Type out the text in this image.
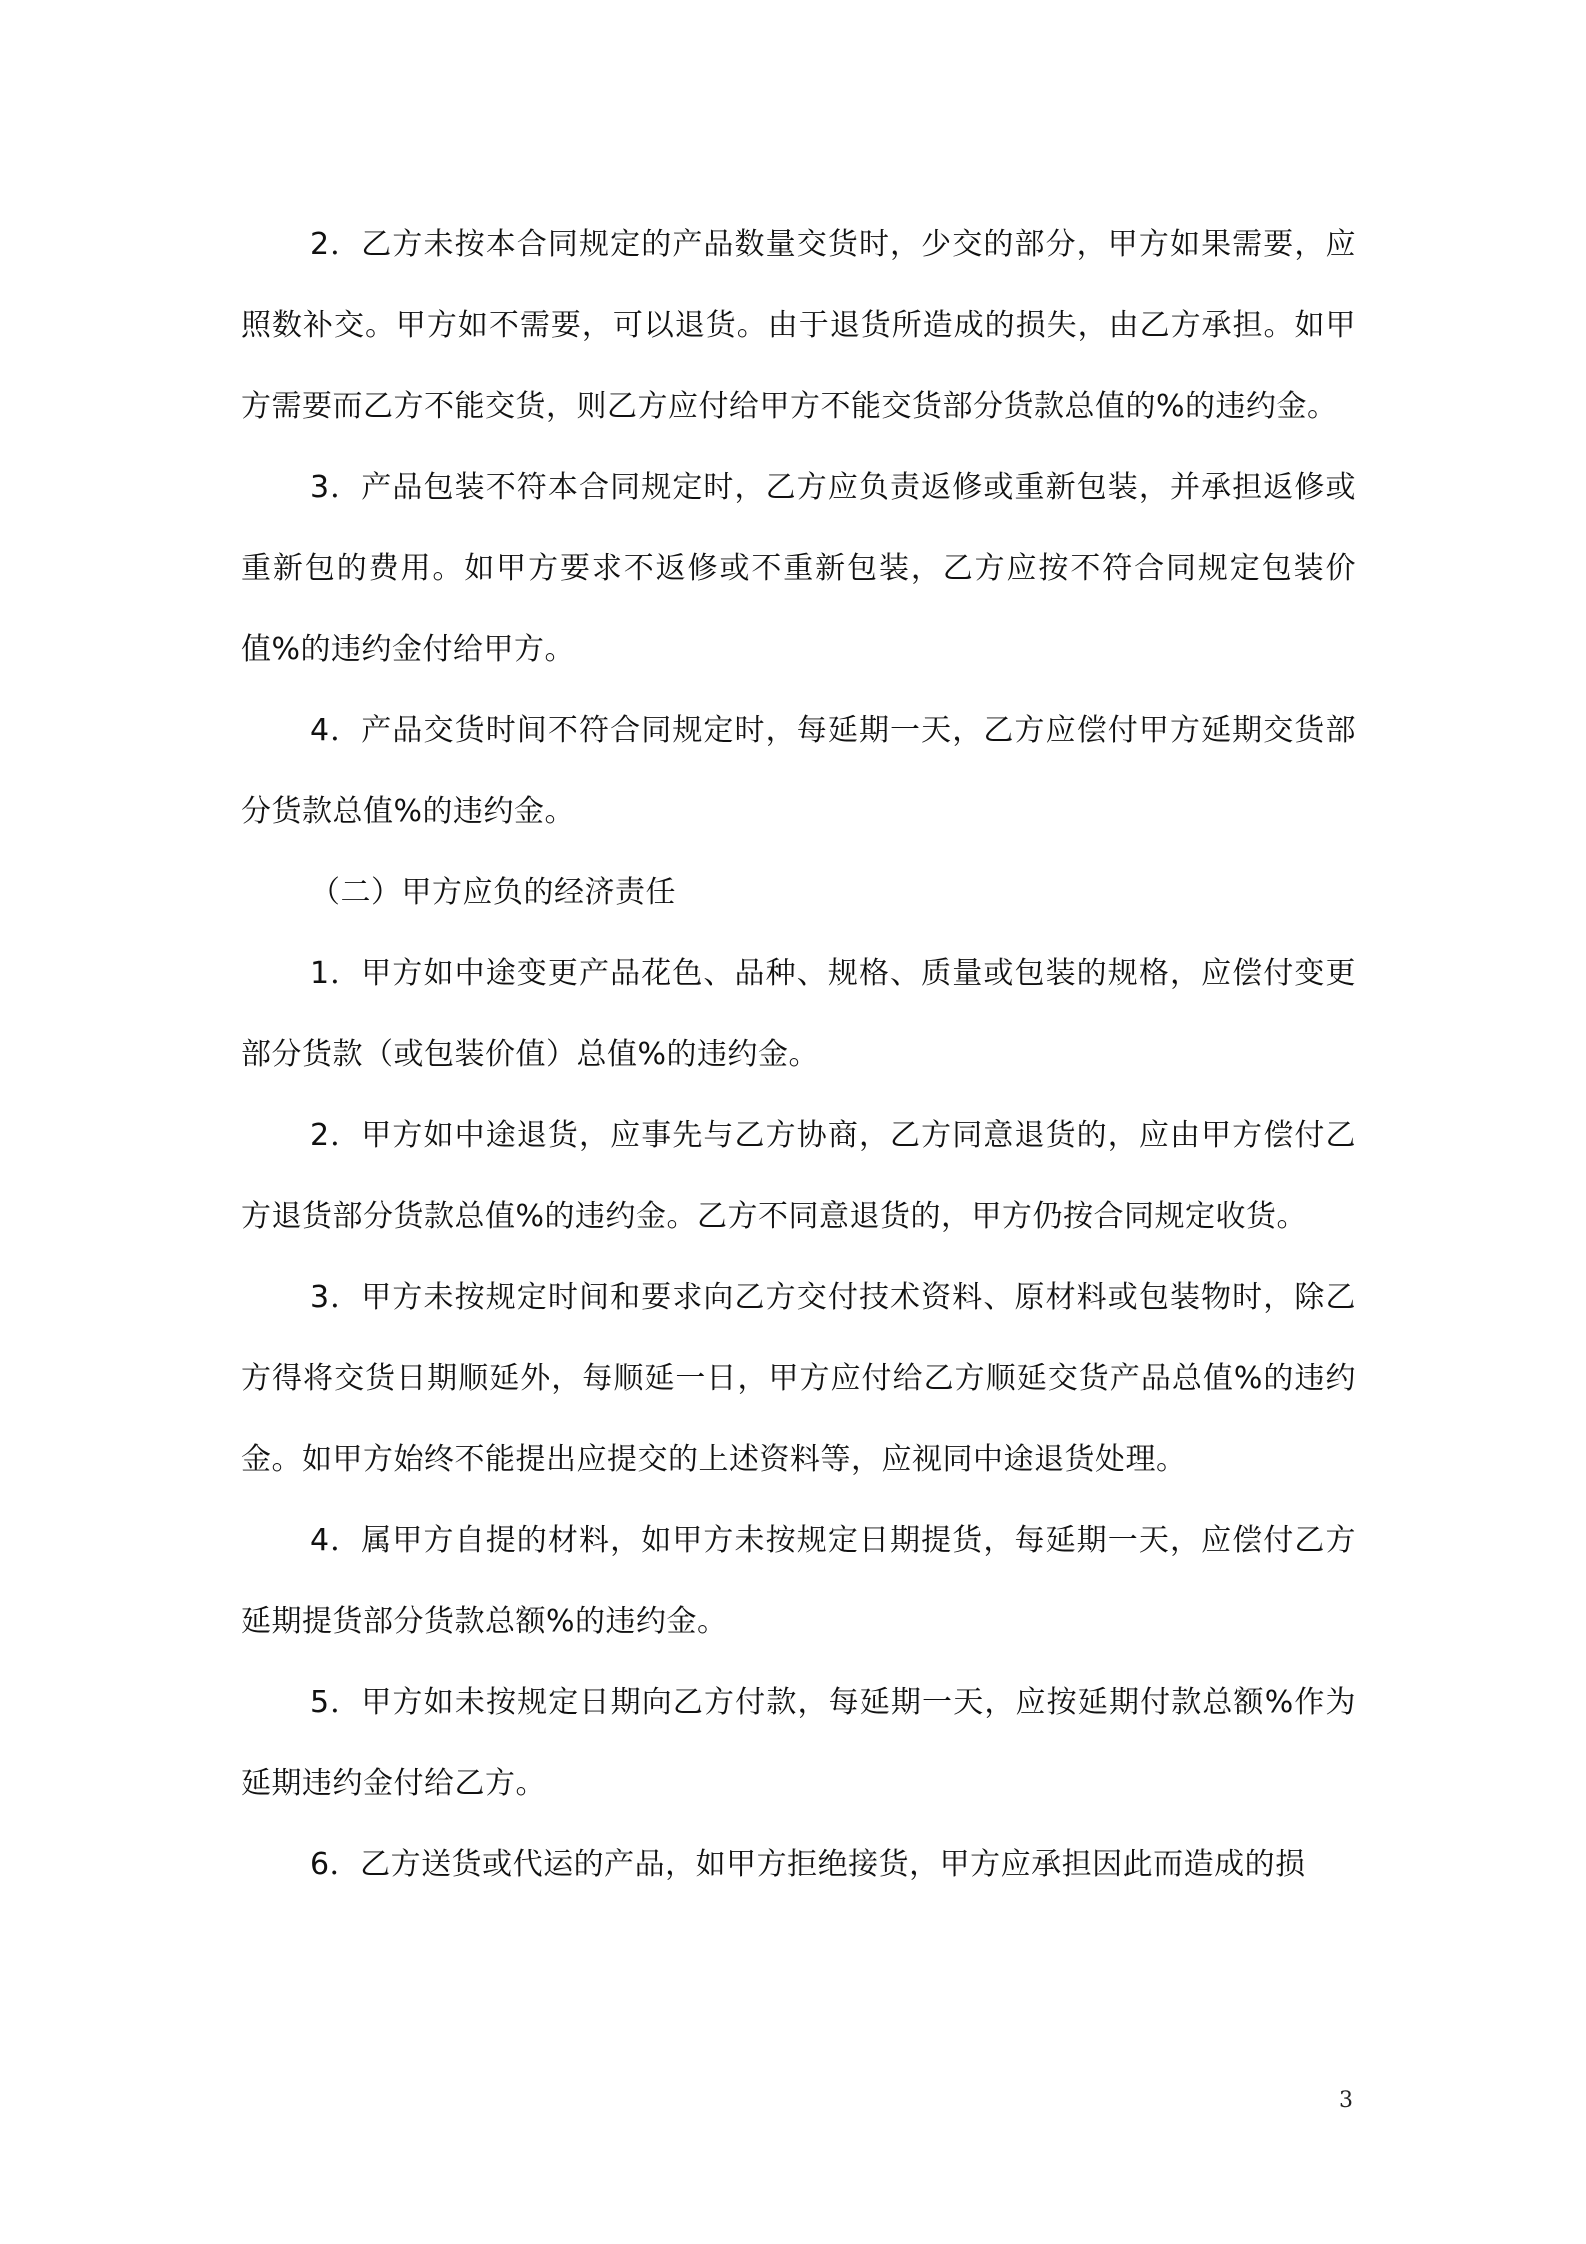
2．乙方未按本合同规定的产品数量交货时，少交的部分，甲方如果需要，应照数补交。甲方如不需要，可以退货。由于退货所造成的损失，由乙方承担。如甲方需要而乙方不能交货，则乙方应付给甲方不能交货部分货款总值的%的违约金。

3．产品包装不符本合同规定时，乙方应负责返修或重新包装，并承担返修或重新包的费用。如甲方要求不返修或不重新包装，乙方应按不符合同规定包装价值%的违约金付给甲方。

4．产品交货时间不符合同规定时，每延期一天，乙方应偿付甲方延期交货部分货款总值%的违约金。

（二）甲方应负的经济责任

1．甲方如中途变更产品花色、品种、规格、质量或包装的规格，应偿付变更部分货款（或包装价值）总值%的违约金。

2．甲方如中途退货，应事先与乙方协商，乙方同意退货的，应由甲方偿付乙方退货部分货款总值%的违约金。乙方不同意退货的，甲方仍按合同规定收货。

3．甲方未按规定时间和要求向乙方交付技术资料、原材料或包装物时，除乙方得将交货日期顺延外，每顺延一日，甲方应付给乙方顺延交货产品总值%的违约金。如甲方始终不能提出应提交的上述资料等，应视同中途退货处理。

4．属甲方自提的材料，如甲方未按规定日期提货，每延期一天，应偿付乙方延期提货部分货款总额%的违约金。

5．甲方如未按规定日期向乙方付款，每延期一天，应按延期付款总额%作为延期违约金付给乙方。

6．乙方送货或代运的产品，如甲方拒绝接货，甲方应承担因此而造成的损

3
